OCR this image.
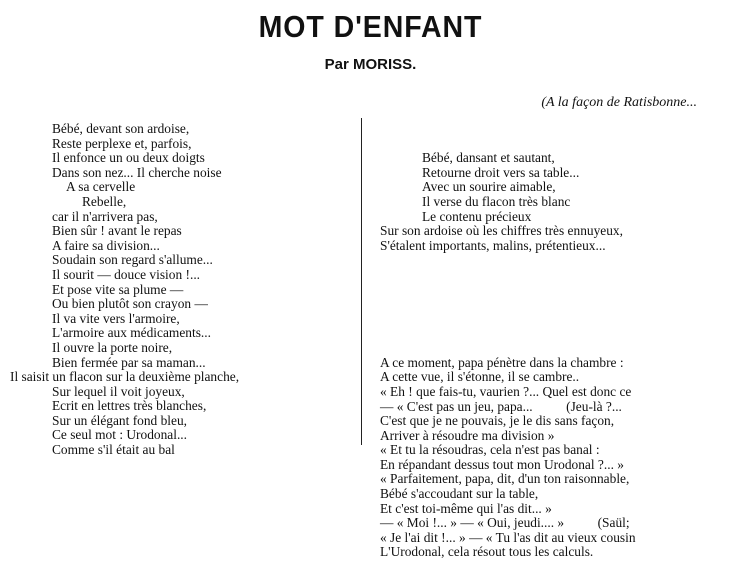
MOT D'ENFANT
Par MORISS.
(A la façon de Ratisbonne...
Bébé, devant son ardoise,
Reste perplexe et, parfois,
Il enfonce un ou deux doigts
Dans son nez... Il cherche noise
A sa cervelle
Rebelle,
car il n'arrivera pas,
Bien sûr ! avant le repas
A faire sa division...
Soudain son regard s'allume...
Il sourit — douce vision !...
Et pose vite sa plume —
Ou bien plutôt son crayon —
Il va vite vers l'armoire,
L'armoire aux médicaments...
Il ouvre la porte noire,
Bien fermée par sa maman...
Il saisit un flacon sur la deuxième planche,
Sur lequel il voit joyeux,
Ecrit en lettres très blanches,
Sur un élégant fond bleu,
Ce seul mot : Urodonal...
Comme s'il était au bal

Bébé, dansant et sautant,
Retourne droit vers sa table...
Avec un sourire aimable,
Il verse du flacon très blanc
Le contenu précieux
Sur son ardoise où les chiffres très ennuyeux,
S'étalent importants, malins, prétentieux...

A ce moment, papa pénètre dans la chambre :
A cette vue, il s'étonne, il se cambre..
« Eh ! que fais-tu, vaurien ?... Quel est donc ce
— « C'est pas un jeu, papa...          (Jeu-là ?...
C'est que je ne pouvais, je le dis sans façon,
Arriver à résoudre ma division »
« Et tu la résoudras, cela n'est pas banal :
En répandant dessus tout mon Urodonal ?... »
« Parfaitement, papa, dit, d'un ton raisonnable,
Bébé s'accoudant sur la table,
Et c'est toi-même qui l'as dit... »
— « Moi !... » — « Oui, jeudi.... »          (Saül;
« Je l'ai dit !... » — « Tu l'as dit au vieux cousin
L'Urodonal, cela résout tous les calculs.
